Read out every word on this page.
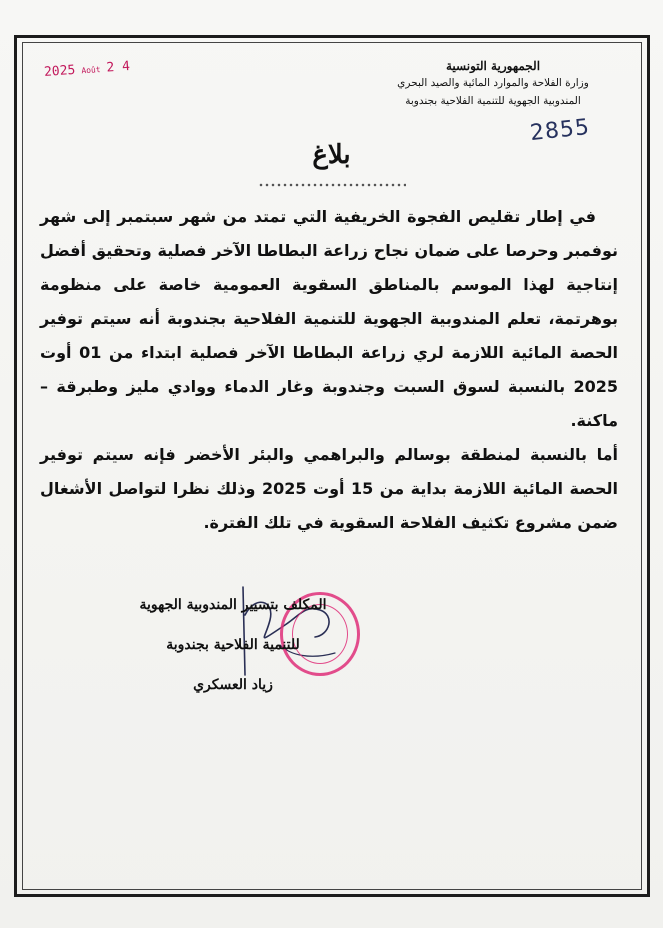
2025 Août 2 4	الجمهورية التونسية
وزارة الفلاحة والموارد المائية والصيد البحري
المندوبية الجهوية للتنمية الفلاحية بجندوبة
2855
بلاغ

في إطار تقليص الفجوة الخريفية التي تمتد من شهر سبتمبر إلى شهر نوفمبر وحرصا على ضمان نجاح زراعة البطاطا الآخر فصلية وتحقيق أفضل إنتاجية لهذا الموسم بالمناطق السقوية العمومية خاصة على منظومة بوهرتمة، تعلم المندوبية الجهوية للتنمية الفلاحية بجندوبة أنه سيتم توفير الحصة المائية اللازمة لري زراعة البطاطا الآخر فصلية ابتداء من 01 أوت 2025 بالنسبة لسوق السبت وجندوبة وغار الدماء ووادي مليز وطبرقة – ماكنة.

أما بالنسبة لمنطقة بوسالم والبراهمي والبئر الأخضر فإنه سيتم توفير الحصة المائية اللازمة بداية من 15 أوت 2025 وذلك نظرا لتواصل الأشغال ضمن مشروع تكثيف الفلاحة السقوية في تلك الفترة.

المكلف بتسيير المندوبية الجهوية
للتنمية الفلاحية بجندوبة
زياد العسكري
